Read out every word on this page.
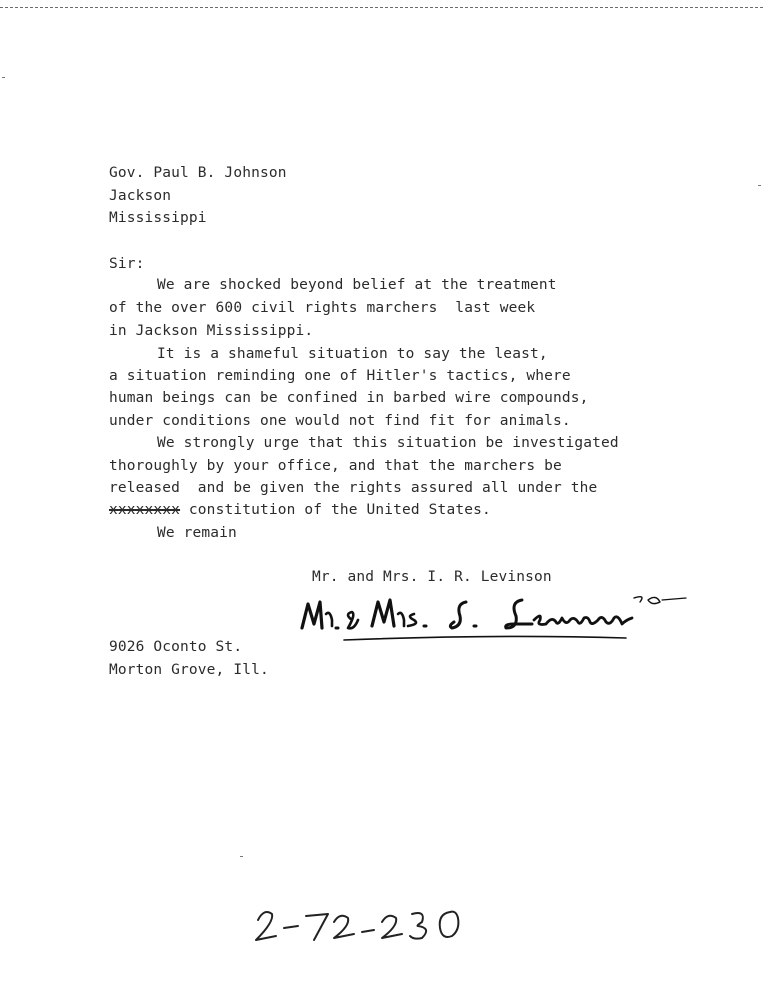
Gov. Paul B. Johnson
Jackson
Mississippi
Sir:
We are shocked beyond belief at the treatment
of the over 600 civil rights marchers  last week
in Jackson Mississippi.
It is a shameful situation to say the least,
a situation reminding one of Hitler's tactics, where
human beings can be confined in barbed wire compounds,
under conditions one would not find fit for animals.
We strongly urge that this situation be investigated
thoroughly by your office, and that the marchers be
released  and be given the rights assured all under the
xxxxxxxx constitution of the United States.
We remain
Mr. and Mrs. I. R. Levinson
9026 Oconto St.
Morton Grove, Ill.
